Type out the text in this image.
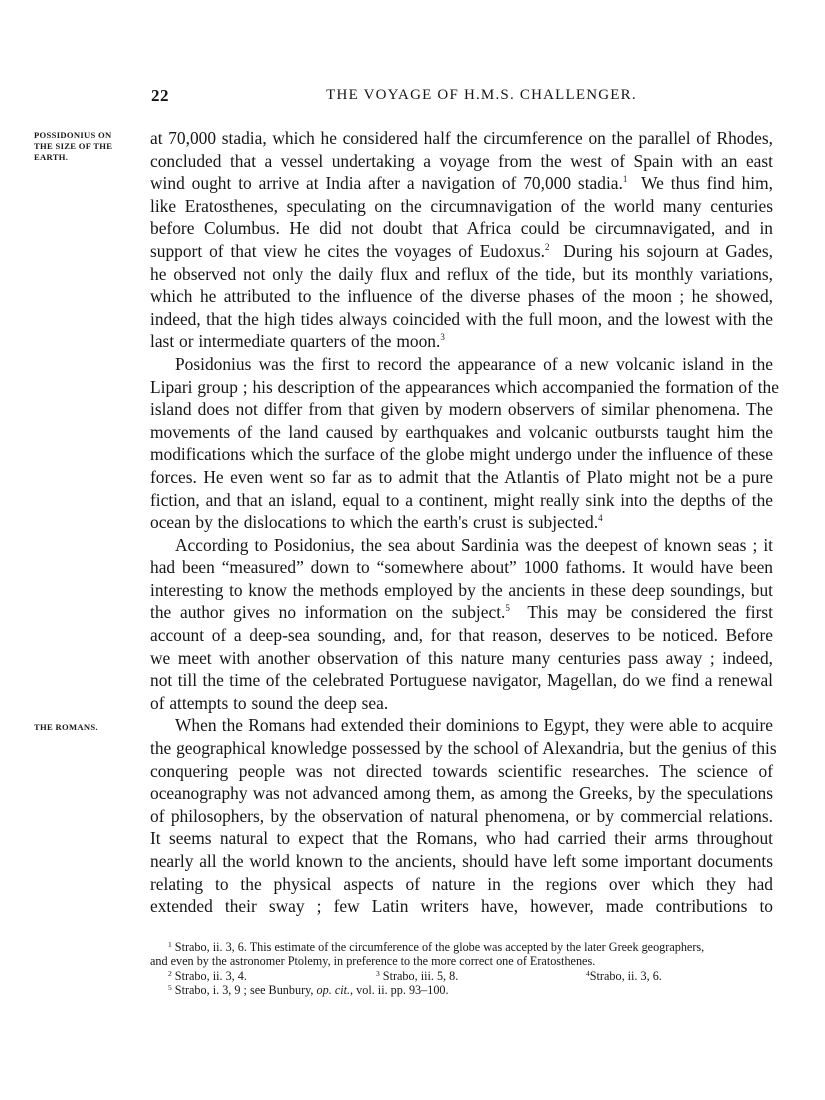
22	THE VOYAGE OF H.M.S. CHALLENGER.
POSSIDONIUS ON
THE SIZE OF THE
EARTH.
THE ROMANS.
at 70,000 stadia, which he considered half the circumference on the parallel of Rhodes,
concluded that a vessel undertaking a voyage from the west of Spain with an east
wind ought to arrive at India after a navigation of 70,000 stadia.$^1$ We thus find him,
like Eratosthenes, speculating on the circumnavigation of the world many centuries
before Columbus. He did not doubt that Africa could be circumnavigated, and in
support of that view he cites the voyages of Eudoxus.$^2$ During his sojourn at Gades,
he observed not only the daily flux and reflux of the tide, but its monthly variations,
which he attributed to the influence of the diverse phases of the moon ; he showed,
indeed, that the high tides always coincided with the full moon, and the lowest with the
last or intermediate quarters of the moon.$^3$
Posidonius was the first to record the appearance of a new volcanic island in the
Lipari group ; his description of the appearances which accompanied the formation of the
island does not differ from that given by modern observers of similar phenomena. The
movements of the land caused by earthquakes and volcanic outbursts taught him the
modifications which the surface of the globe might undergo under the influence of these
forces. He even went so far as to admit that the Atlantis of Plato might not be a pure
fiction, and that an island, equal to a continent, might really sink into the depths of the
ocean by the dislocations to which the earth's crust is subjected.$^4$
According to Posidonius, the sea about Sardinia was the deepest of known seas ; it
had been “measured” down to “somewhere about” 1000 fathoms. It would have been
interesting to know the methods employed by the ancients in these deep soundings, but
the author gives no information on the subject.$^5$ This may be considered the first
account of a deep-sea sounding, and, for that reason, deserves to be noticed. Before
we meet with another observation of this nature many centuries pass away ; indeed,
not till the time of the celebrated Portuguese navigator, Magellan, do we find a renewal
of attempts to sound the deep sea.
When the Romans had extended their dominions to Egypt, they were able to acquire
the geographical knowledge possessed by the school of Alexandria, but the genius of this
conquering people was not directed towards scientific researches. The science of
oceanography was not advanced among them, as among the Greeks, by the speculations
of philosophers, by the observation of natural phenomena, or by commercial relations.
It seems natural to expect that the Romans, who had carried their arms throughout
nearly all the world known to the ancients, should have left some important documents
relating to the physical aspects of nature in the regions over which they had
extended their sway ; few Latin writers have, however, made contributions to
$^1$ Strabo, ii. 3, 6. This estimate of the circumference of the globe was accepted by the later Greek geographers,
and even by the astronomer Ptolemy, in preference to the more correct one of Eratosthenes.
$^2$ Strabo, ii. 3, 4.	$^3$ Strabo, iii. 5, 8.	$^4$Strabo, ii. 3, 6.
$^5$ Strabo, i. 3, 9 ; see Bunbury, op. cit., vol. ii. pp. 93–100.
